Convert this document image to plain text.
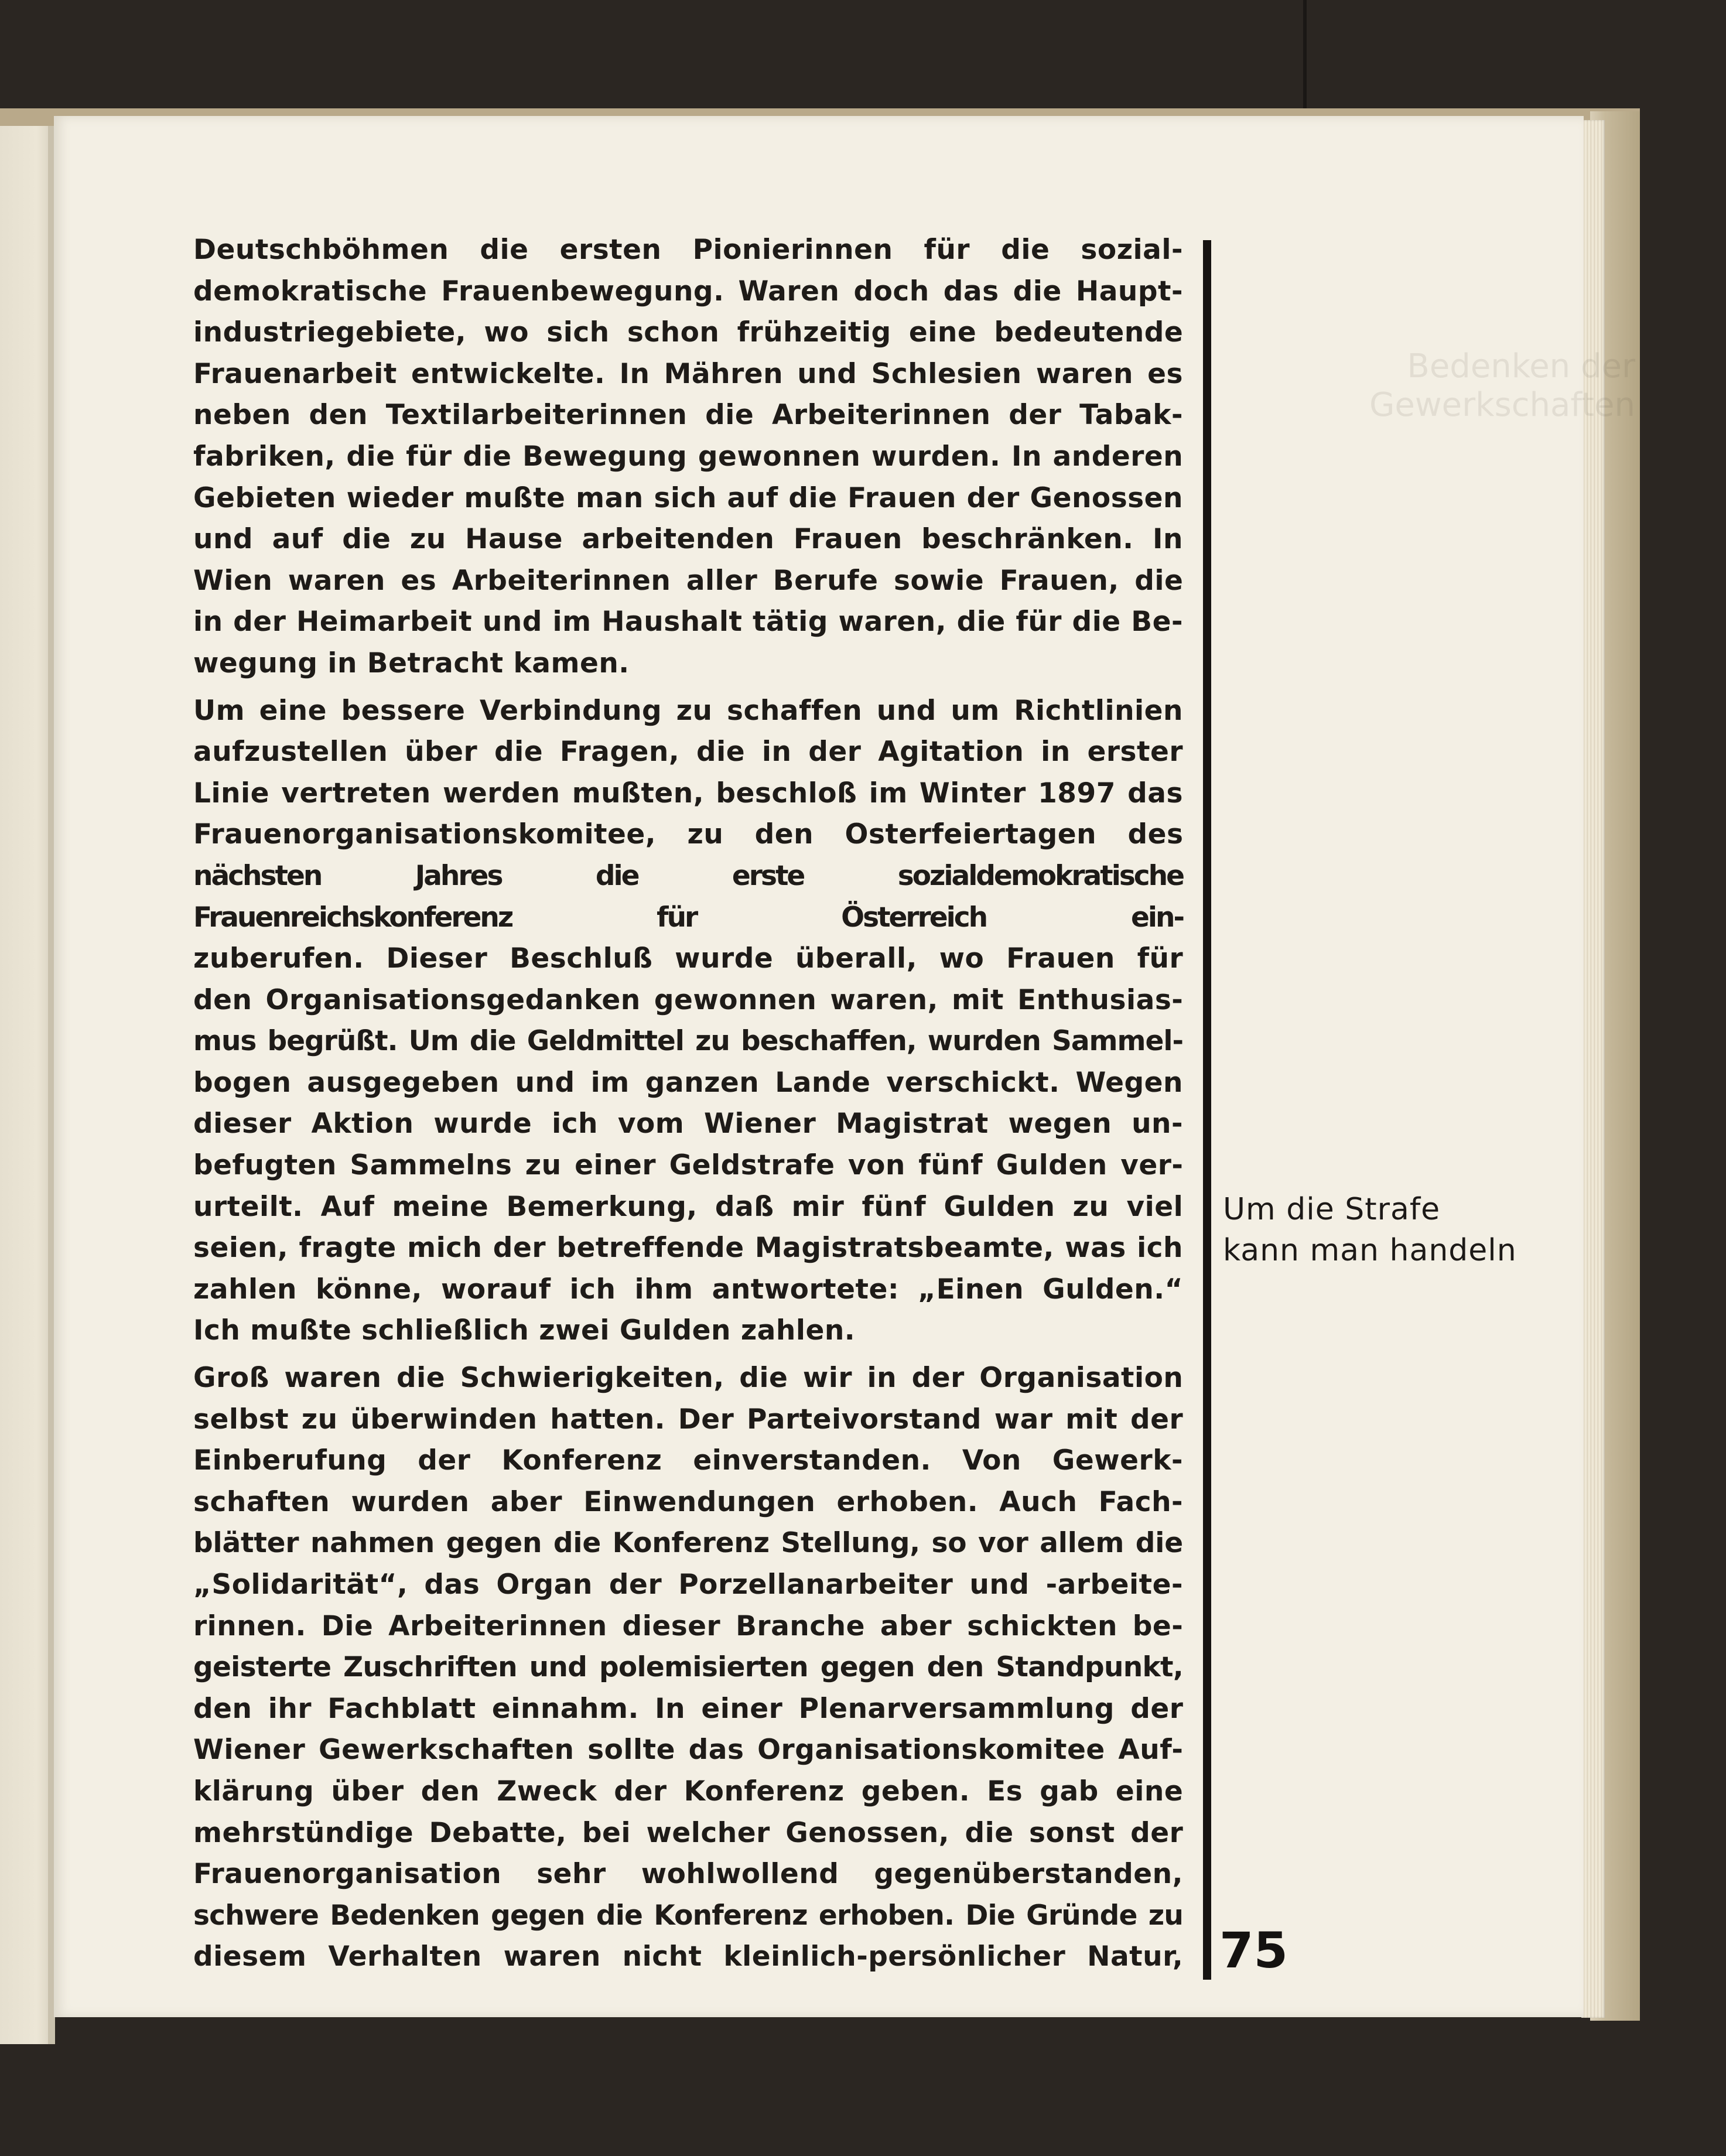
Bedenken der
Gewerkschaften
Deutschböhmen die ersten Pionierinnen für die sozial-
demokratische Frauenbewegung. Waren doch das die Haupt-
industriegebiete, wo sich schon frühzeitig eine bedeutende
Frauenarbeit entwickelte. In Mähren und Schlesien waren es
neben den Textilarbeiterinnen die Arbeiterinnen der Tabak-
fabriken, die für die Bewegung gewonnen wurden. In anderen
Gebieten wieder mußte man sich auf die Frauen der Genossen
und auf die zu Hause arbeitenden Frauen beschränken. In
Wien waren es Arbeiterinnen aller Berufe sowie Frauen, die
in der Heimarbeit und im Haushalt tätig waren, die für die Be-
wegung in Betracht kamen.
Um eine bessere Verbindung zu schaffen und um Richtlinien
aufzustellen über die Fragen, die in der Agitation in erster
Linie vertreten werden mußten, beschloß im Winter 1897 das
Frauenorganisationskomitee, zu den Osterfeiertagen des
nächsten Jahres die erste sozialdemokratische
Frauenreichskonferenz für Österreich ein-
zuberufen. Dieser Beschluß wurde überall, wo Frauen für
den Organisationsgedanken gewonnen waren, mit Enthusias-
mus begrüßt. Um die Geldmittel zu beschaffen, wurden Sammel-
bogen ausgegeben und im ganzen Lande verschickt. Wegen
dieser Aktion wurde ich vom Wiener Magistrat wegen un-
befugten Sammelns zu einer Geldstrafe von fünf Gulden ver-
urteilt. Auf meine Bemerkung, daß mir fünf Gulden zu viel
seien, fragte mich der betreffende Magistratsbeamte, was ich
zahlen könne, worauf ich ihm antwortete: „Einen Gulden.“
Ich mußte schließlich zwei Gulden zahlen.
Groß waren die Schwierigkeiten, die wir in der Organisation
selbst zu überwinden hatten. Der Parteivorstand war mit der
Einberufung der Konferenz einverstanden. Von Gewerk-
schaften wurden aber Einwendungen erhoben. Auch Fach-
blätter nahmen gegen die Konferenz Stellung, so vor allem die
„Solidarität“, das Organ der Porzellanarbeiter und -arbeite-
rinnen. Die Arbeiterinnen dieser Branche aber schickten be-
geisterte Zuschriften und polemisierten gegen den Standpunkt,
den ihr Fachblatt einnahm. In einer Plenarversammlung der
Wiener Gewerkschaften sollte das Organisationskomitee Auf-
klärung über den Zweck der Konferenz geben. Es gab eine
mehrstündige Debatte, bei welcher Genossen, die sonst der
Frauenorganisation sehr wohlwollend gegenüberstanden,
schwere Bedenken gegen die Konferenz erhoben. Die Gründe zu
diesem Verhalten waren nicht kleinlich-persönlicher Natur,
Um die Strafe
kann man handeln
75
